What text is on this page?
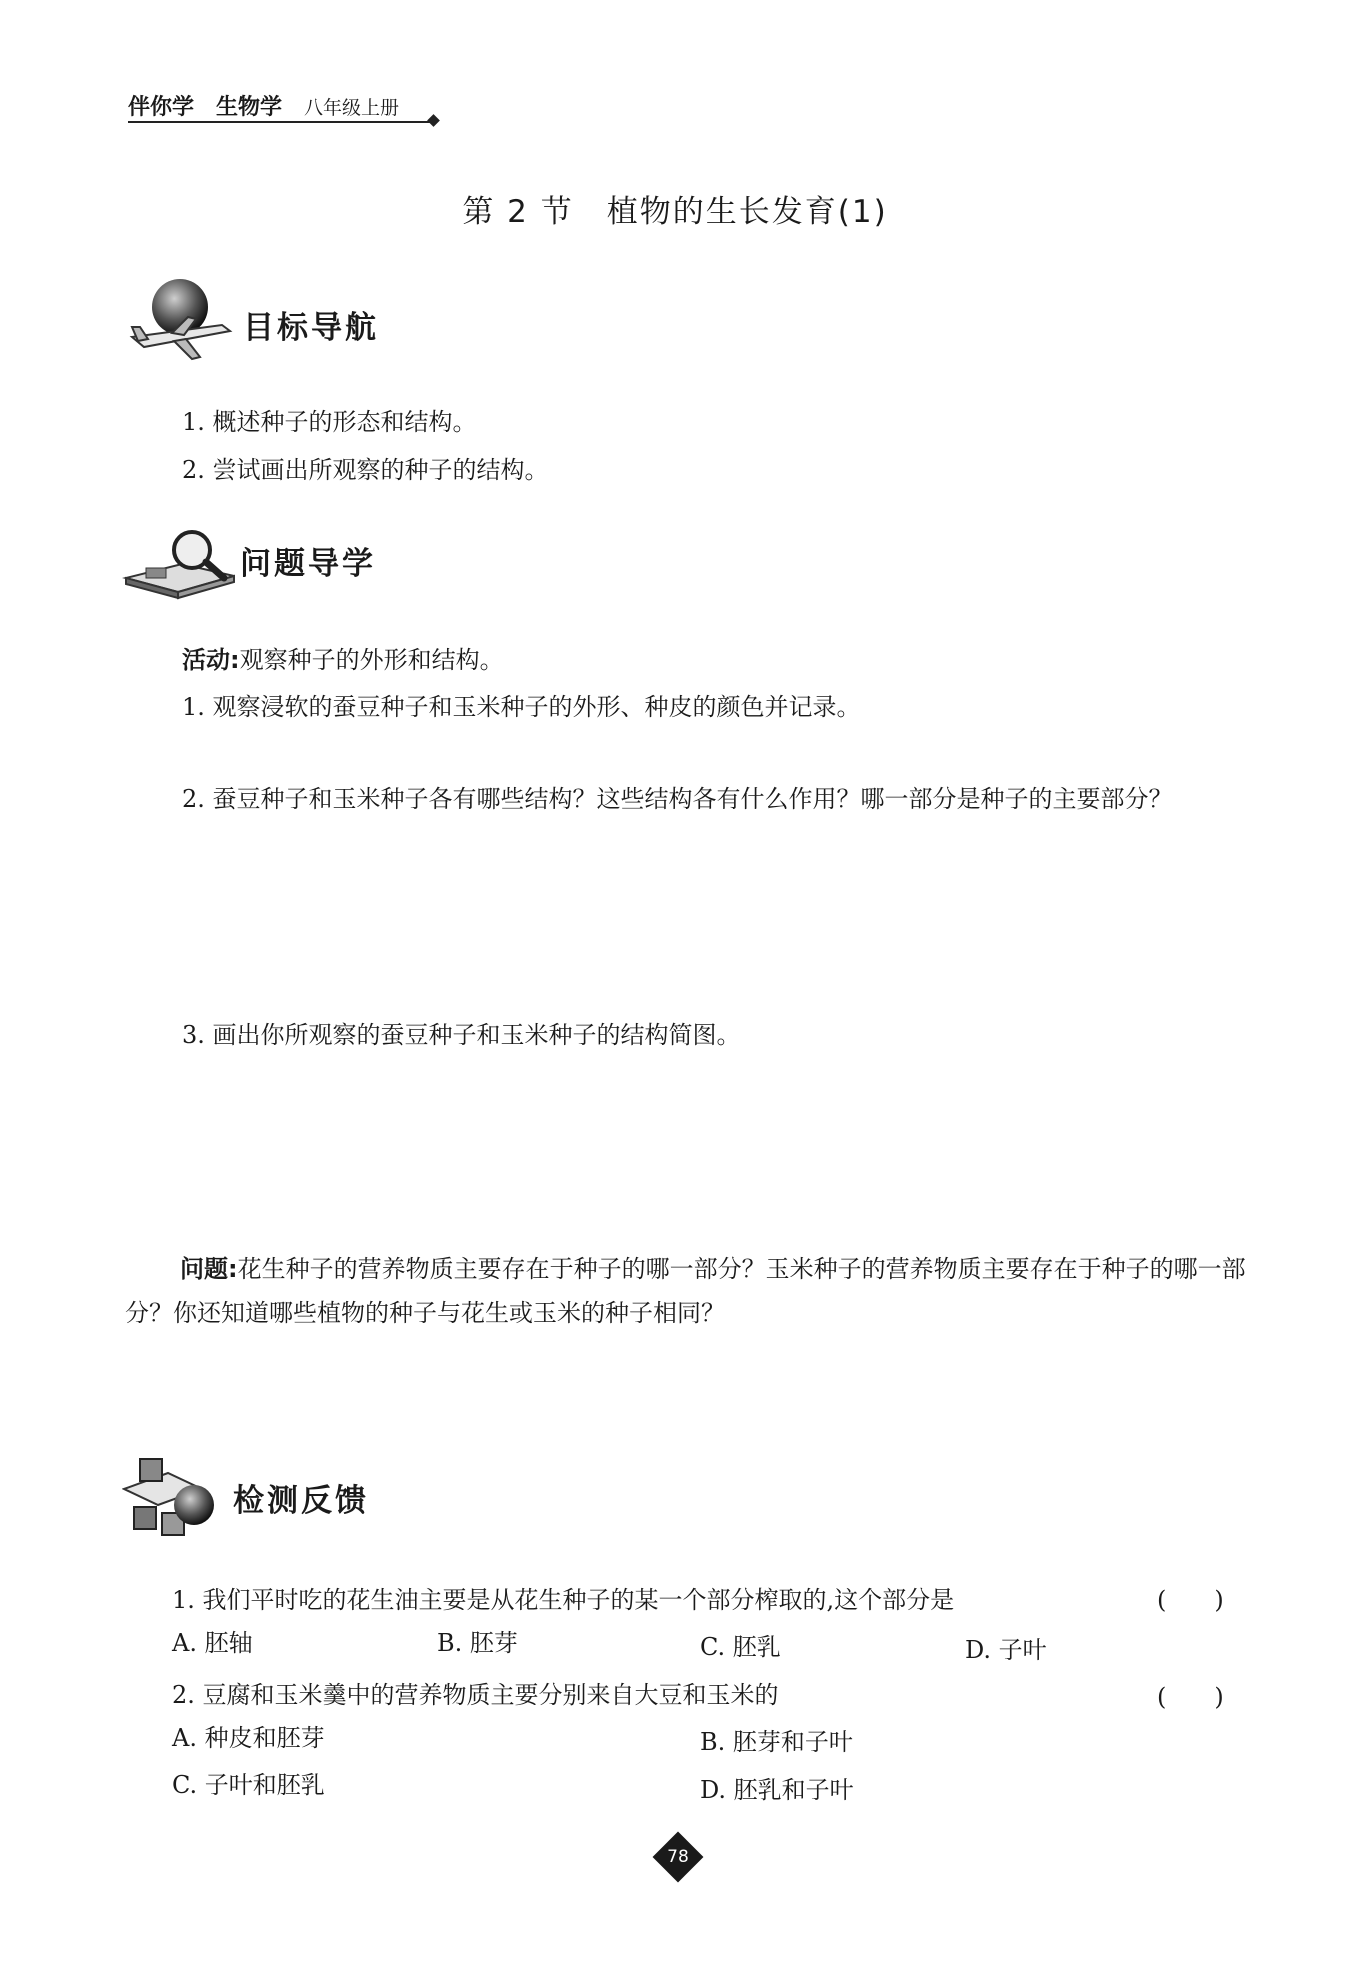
伴你学 生物学 八年级上册
第 2 节　植物的生长发育(1)
目标导航
1. 概述种子的形态和结构。
2. 尝试画出所观察的种子的结构。
问题导学
活动:观察种子的外形和结构。
1. 观察浸软的蚕豆种子和玉米种子的外形、种皮的颜色并记录。
2. 蚕豆种子和玉米种子各有哪些结构？这些结构各有什么作用？哪一部分是种子的主要部分？
3. 画出你所观察的蚕豆种子和玉米种子的结构简图。
问题:花生种子的营养物质主要存在于种子的哪一部分？玉米种子的营养物质主要存在于种子的哪一部分？你还知道哪些植物的种子与花生或玉米的种子相同？
检测反馈
1. 我们平时吃的花生油主要是从花生种子的某一个部分榨取的,这个部分是	(　　)
A. 胚轴	B. 胚芽	C. 胚乳	D. 子叶
2. 豆腐和玉米羹中的营养物质主要分别来自大豆和玉米的	(　　)
A. 种皮和胚芽	B. 胚芽和子叶
C. 子叶和胚乳	D. 胚乳和子叶
78
